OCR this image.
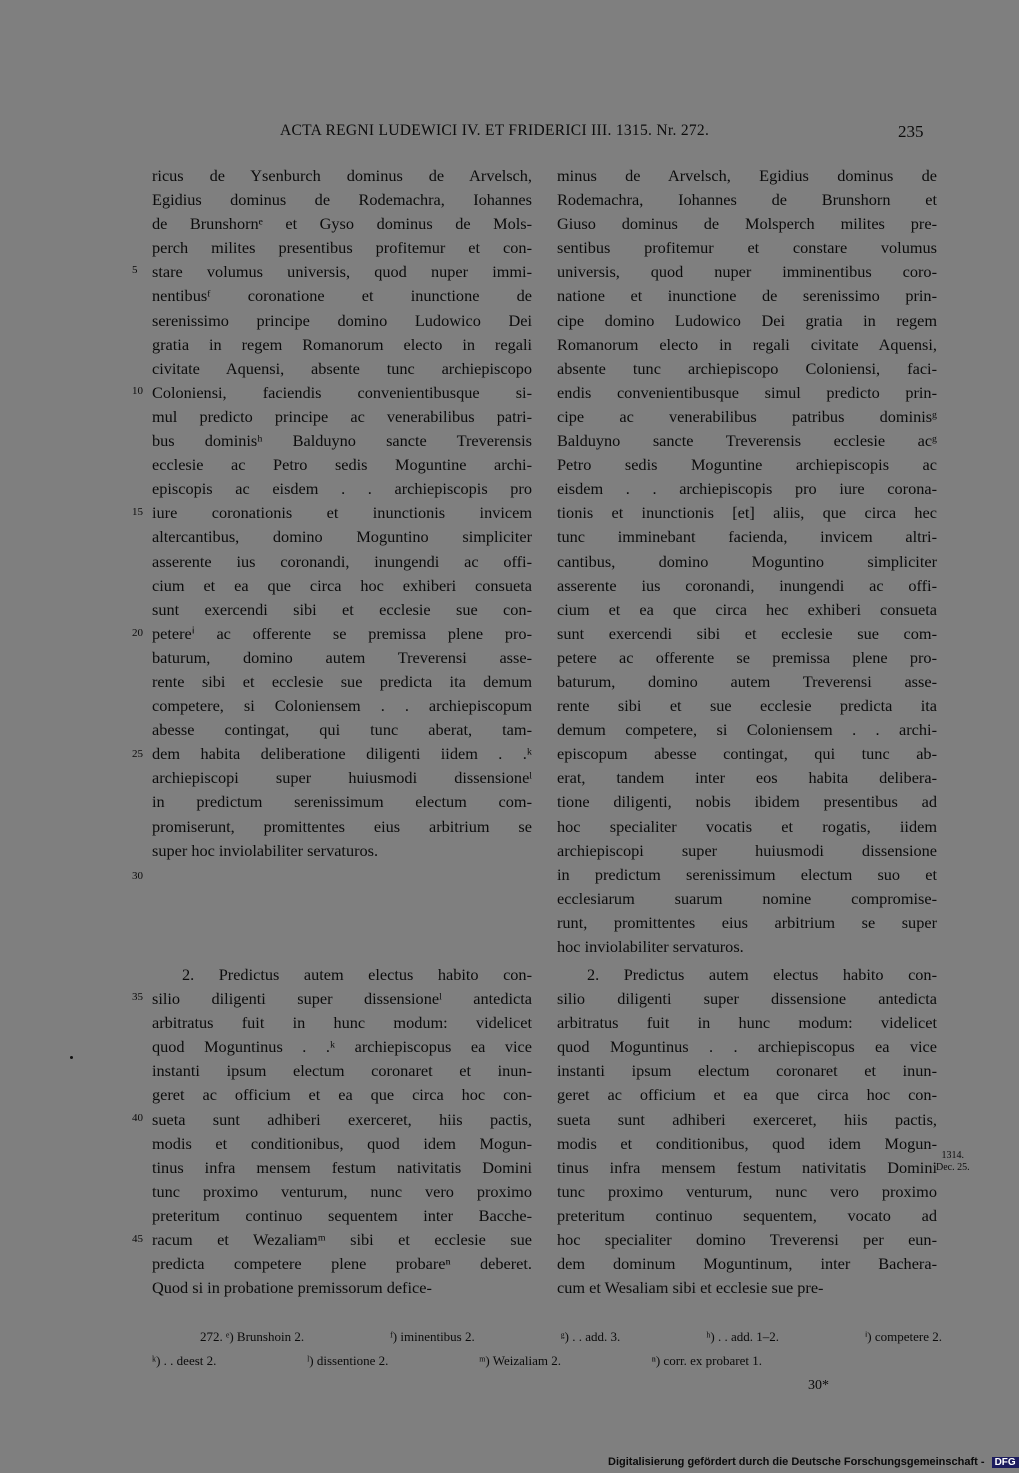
ACTA REGNI LUDEWICI IV. ET FRIDERICI III. 1315. Nr. 272.	235
5
10
15
20
25
30
35
40
45
ricus de Ysenburch dominus de Arvelsch,
Egidius dominus de Rodemachra, Iohannes
de Brunshornᵉ et Gyso dominus de Mols-
perch milites presentibus profitemur et con-
stare volumus universis, quod nuper immi-
nentibusᶠ coronatione et inunctione de
serenissimo principe domino Ludowico Dei
gratia in regem Romanorum electo in regali
civitate Aquensi, absente tunc archiepiscopo
Coloniensi, faciendis convenientibusque si-
mul predicto principe ac venerabilibus patri-
bus dominisʰ Balduyno sancte Treverensis
ecclesie ac Petro sedis Moguntine archi-
episcopis ac eisdem . . archiepiscopis pro
iure coronationis et inunctionis invicem
altercantibus, domino Moguntino simpliciter
asserente ius coronandi, inungendi ac offi-
cium et ea que circa hoc exhiberi consueta
sunt exercendi sibi et ecclesie sue con-
petereⁱ ac offerente se premissa plene pro-
baturum, domino autem Treverensi asse-
rente sibi et ecclesie sue predicta ita demum
competere, si Coloniensem . . archiepiscopum
abesse contingat, qui tunc aberat, tam-
dem habita deliberatione diligenti iidem . .ᵏ
archiepiscopi super huiusmodi dissensioneˡ
in predictum serenissimum electum com-
promiserunt, promittentes eius arbitrium se
super hoc inviolabiliter servaturos.
2. Predictus autem electus habito con-
silio diligenti super dissensioneˡ antedicta
arbitratus fuit in hunc modum: videlicet
quod Moguntinus . .ᵏ archiepiscopus ea vice
instanti ipsum electum coronaret et inun-
geret ac officium et ea que circa hoc con-
sueta sunt adhiberi exerceret, hiis pactis,
modis et conditionibus, quod idem Mogun-
tinus infra mensem festum nativitatis Domini
tunc proximo venturum, nunc vero proximo
preteritum continuo sequentem inter Bacche-
racum et Wezaliamᵐ sibi et ecclesie sue
predicta competere plene probareⁿ deberet.
Quod si in probatione premissorum defice-
minus de Arvelsch, Egidius dominus de
Rodemachra, Iohannes de Brunshorn et
Giuso dominus de Molsperch milites pre-
sentibus profitemur et constare volumus
universis, quod nuper imminentibus coro-
natione et inunctione de serenissimo prin-
cipe domino Ludowico Dei gratia in regem
Romanorum electo in regali civitate Aquensi,
absente tunc archiepiscopo Coloniensi, faci-
endis convenientibusque simul predicto prin-
cipe ac venerabilibus patribus dominisᵍ
Balduyno sancte Treverensis ecclesie acᵍ
Petro sedis Moguntine archiepiscopis ac
eisdem . . archiepiscopis pro iure corona-
tionis et inunctionis [et] aliis, que circa hec
tunc imminebant facienda, invicem altri-
cantibus, domino Moguntino simpliciter
asserente ius coronandi, inungendi ac offi-
cium et ea que circa hec exhiberi consueta
sunt exercendi sibi et ecclesie sue com-
petere ac offerente se premissa plene pro-
baturum, domino autem Treverensi asse-
rente sibi et sue ecclesie predicta ita
demum competere, si Coloniensem . . archi-
episcopum abesse contingat, qui tunc ab-
erat, tandem inter eos habita delibera-
tione diligenti, nobis ibidem presentibus ad
hoc specialiter vocatis et rogatis, iidem
archiepiscopi super huiusmodi dissensione
in predictum serenissimum electum suo et
ecclesiarum suarum nomine compromise-
runt, promittentes eius arbitrium se super
hoc inviolabiliter servaturos.
2. Predictus autem electus habito con-
silio diligenti super dissensione antedicta
arbitratus fuit in hunc modum: videlicet
quod Moguntinus . . archiepiscopus ea vice
instanti ipsum electum coronaret et inun-
geret ac officium et ea que circa hoc con-
sueta sunt adhiberi exerceret, hiis pactis,
modis et conditionibus, quod idem Mogun-
tinus infra mensem festum nativitatis Domini
tunc proximo venturum, nunc vero proximo
preteritum continuo sequentem, vocato ad
hoc specialiter domino Treverensi per eun-
dem dominum Moguntinum, inter Bachera-
cum et Wesaliam sibi et ecclesie sue pre-
1314.
Dec. 25.
272. ᵉ) Brunshoin 2.	ᶠ) iminentibus 2.	ᵍ) . . add. 3.	ʰ) . . add. 1–2.	ⁱ) competere 2.
ᵏ) . . deest 2.	ˡ) dissentione 2.	ᵐ) Weizaliam 2.	ⁿ) corr. ex probaret 1.
30*
Digitalisierung gefördert durch die Deutsche Forschungsgemeinschaft - DFG
